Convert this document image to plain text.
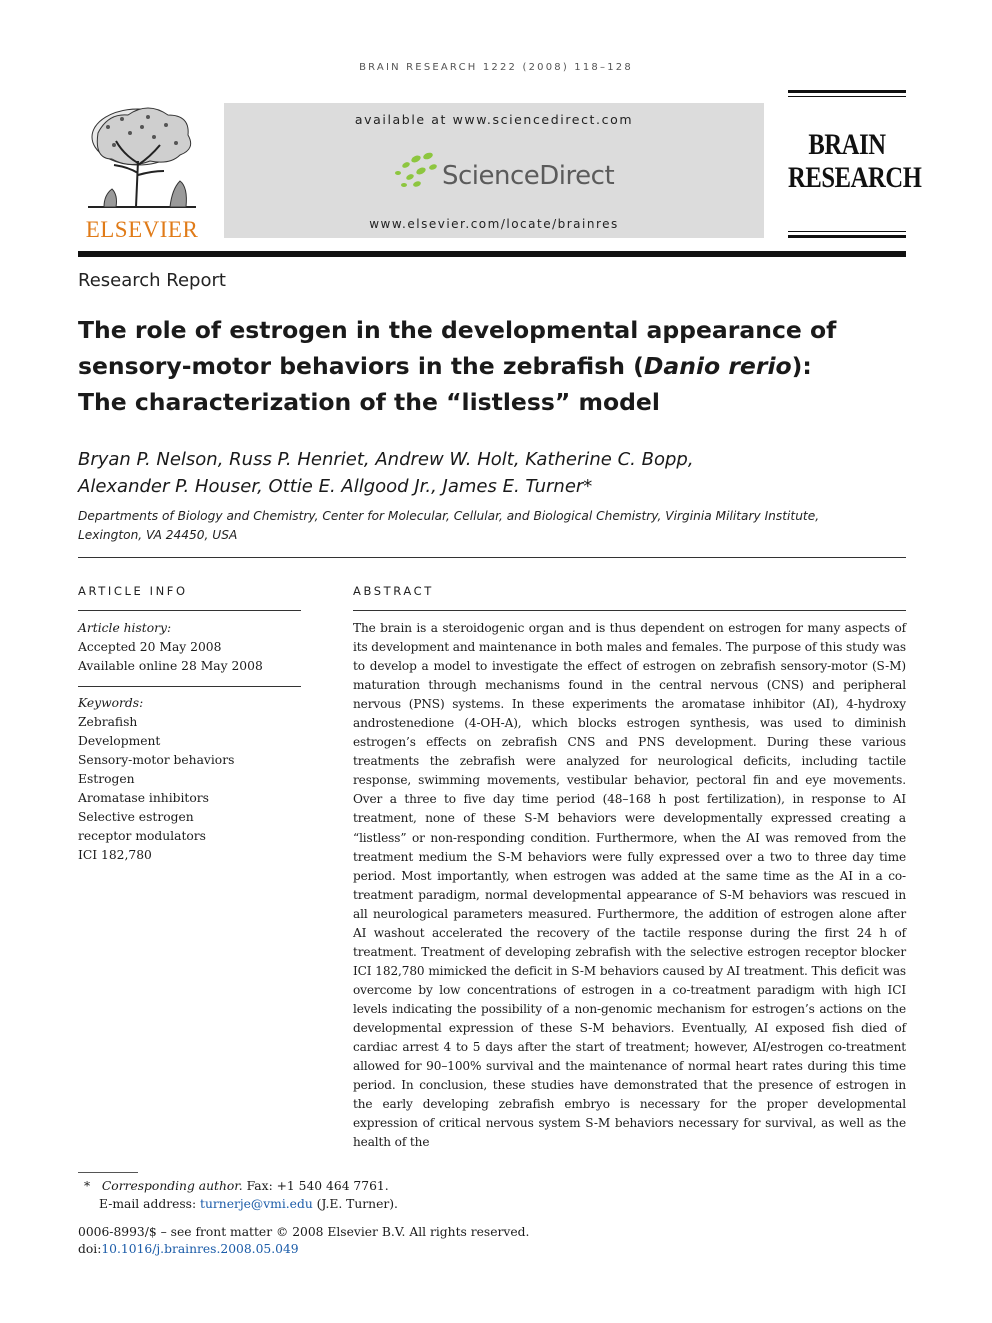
BRAIN RESEARCH 1222 (2008) 118–128
ELSEVIER
available at www.sciencedirect.com
ScienceDirect
www.elsevier.com/locate/brainres
BRAIN
RESEARCH
Research Report
The role of estrogen in the developmental appearance of
sensory-motor behaviors in the zebrafish (Danio rerio):
The characterization of the “listless” model
Bryan P. Nelson, Russ P. Henriet, Andrew W. Holt, Katherine C. Bopp,
Alexander P. Houser, Ottie E. Allgood Jr., James E. Turner*
Departments of Biology and Chemistry, Center for Molecular, Cellular, and Biological Chemistry, Virginia Military Institute,
Lexington, VA 24450, USA
ARTICLE INFO
Article history:
Accepted 20 May 2008
Available online 28 May 2008
Keywords:
Zebrafish
Development
Sensory-motor behaviors
Estrogen
Aromatase inhibitors
Selective estrogen
receptor modulators
ICI 182,780
ABSTRACT
The brain is a steroidogenic organ and is thus dependent on estrogen for many aspects of its development and maintenance in both males and females. The purpose of this study was to develop a model to investigate the effect of estrogen on zebrafish sensory-motor (S-M) maturation through mechanisms found in the central nervous (CNS) and peripheral nervous (PNS) systems. In these experiments the aromatase inhibitor (AI), 4-hydroxy androstenedione (4-OH-A), which blocks estrogen synthesis, was used to diminish estrogen’s effects on zebrafish CNS and PNS development. During these various treatments the zebrafish were analyzed for neurological deficits, including tactile response, swimming movements, vestibular behavior, pectoral fin and eye movements. Over a three to five day time period (48–168 h post fertilization), in response to AI treatment, none of these S-M behaviors were developmentally expressed creating a “listless” or non-responding condition. Furthermore, when the AI was removed from the treatment medium the S-M behaviors were fully expressed over a two to three day time period. Most importantly, when estrogen was added at the same time as the AI in a co-treatment paradigm, normal developmental appearance of S-M behaviors was rescued in all neurological parameters measured. Furthermore, the addition of estrogen alone after AI washout accelerated the recovery of the tactile response during the first 24 h of treatment. Treatment of developing zebrafish with the selective estrogen receptor blocker ICI 182,780 mimicked the deficit in S-M behaviors caused by AI treatment. This deficit was overcome by low concentrations of estrogen in a co-treatment paradigm with high ICI levels indicating the possibility of a non-genomic mechanism for estrogen’s actions on the developmental expression of these S-M behaviors. Eventually, AI exposed fish died of cardiac arrest 4 to 5 days after the start of treatment; however, AI/estrogen co-treatment allowed for 90–100% survival and the maintenance of normal heart rates during this time period. In conclusion, these studies have demonstrated that the presence of estrogen in the early developing zebrafish embryo is necessary for the proper developmental expression of critical nervous system S-M behaviors necessary for survival, as well as the health of the
* Corresponding author. Fax: +1 540 464 7761.
E-mail address: turnerje@vmi.edu (J.E. Turner).
0006-8993/$ – see front matter © 2008 Elsevier B.V. All rights reserved.
doi:10.1016/j.brainres.2008.05.049
